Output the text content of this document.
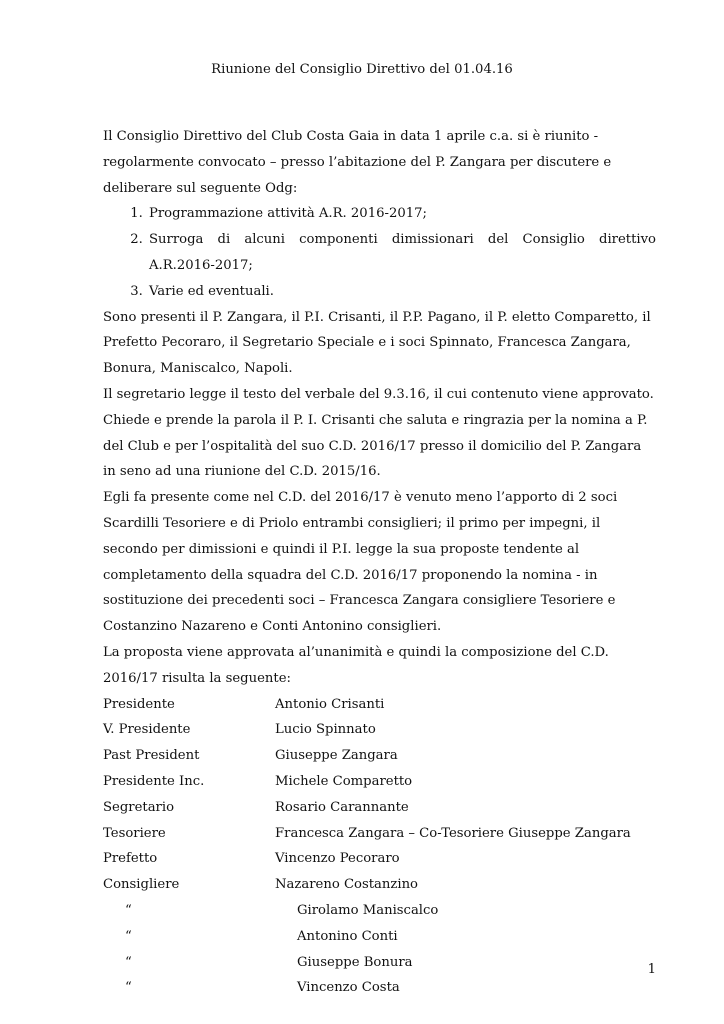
Riunione del Consiglio Direttivo del 01.04.16

Il Consiglio Direttivo del Club Costa Gaia in data 1 aprile c.a. si è riunito - regolarmente convocato – presso l’abitazione del P. Zangara per discutere e deliberare sul seguente Odg:

1. Programmazione attività A.R. 2016-2017;
2. Surroga di alcuni componenti dimissionari del Consiglio direttivo A.R.2016-2017;
3. Varie ed eventuali.

Sono presenti il P. Zangara, il P.I. Crisanti, il P.P. Pagano, il P. eletto Comparetto, il Prefetto Pecoraro, il Segretario Speciale e i soci Spinnato, Francesca Zangara, Bonura, Maniscalco, Napoli.

Il segretario legge il testo del verbale del 9.3.16, il cui contenuto viene approvato.

Chiede e prende la parola il P. I. Crisanti che saluta e ringrazia per la nomina a P. del Club e per l’ospitalità del suo C.D. 2016/17 presso il domicilio del P. Zangara in seno ad una riunione del C.D. 2015/16.

Egli fa presente come nel C.D. del 2016/17 è venuto meno l’apporto di 2 soci Scardilli Tesoriere e di Priolo entrambi consiglieri; il primo per impegni, il secondo per dimissioni e quindi il P.I. legge la sua proposte tendente al completamento della squadra del C.D. 2016/17 proponendo la nomina - in sostituzione dei precedenti soci – Francesca Zangara consigliere Tesoriere e Costanzino Nazareno e Conti Antonino consiglieri.

La proposta viene approvata al’unanimità e quindi la composizione del C.D. 2016/17 risulta la seguente:

Presidente	Antonio Crisanti
V. Presidente	Lucio Spinnato
Past President	Giuseppe Zangara
Presidente Inc.	Michele Comparetto
Segretario	Rosario Carannante
Tesoriere	Francesca Zangara – Co-Tesoriere Giuseppe Zangara
Prefetto	Vincenzo Pecoraro
Consigliere	Nazareno Costanzino
“	Girolamo Maniscalco
“	Antonino Conti
“	Giuseppe Bonura
“	Vincenzo Costa
1
